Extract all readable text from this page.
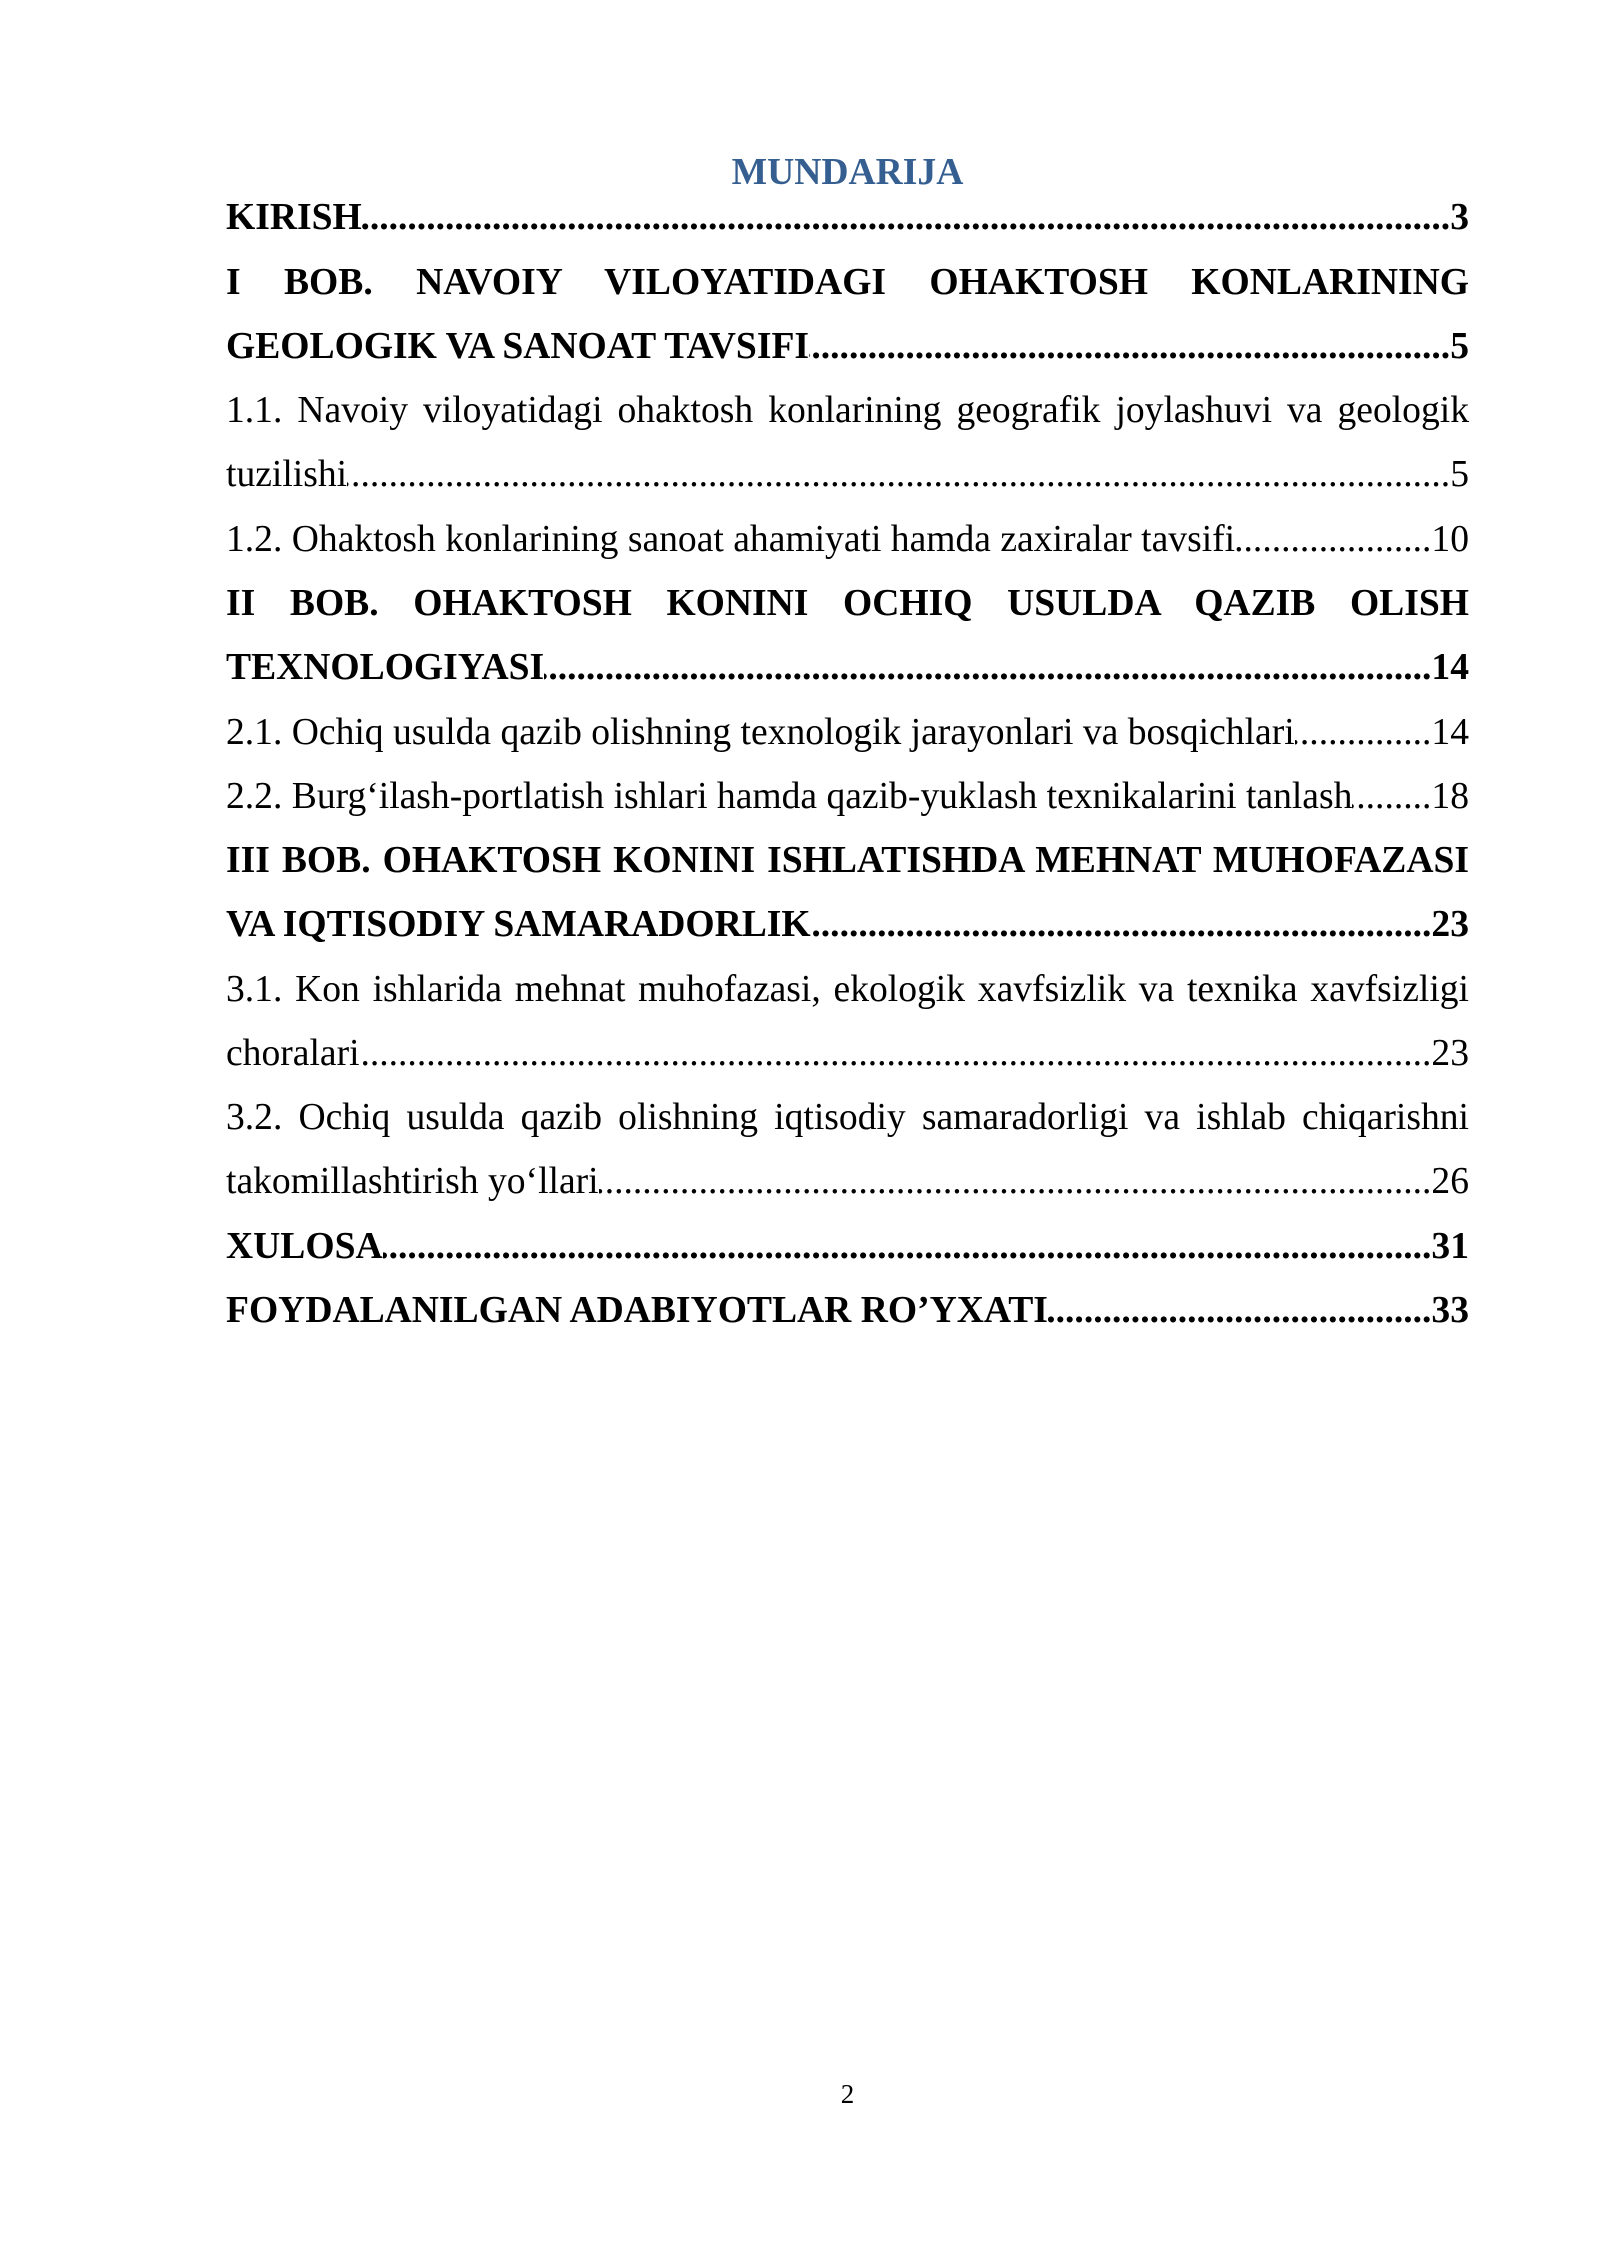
MUNDARIJA
KIRISH .....	3
I BOB. NAVOIY VILOYATIDAGI OHAKTOSH KONLARINING
GEOLOGIK VA SANOAT TAVSIFI .....	5
1.1. Navoiy viloyatidagi ohaktosh konlarining geografik joylashuvi va geologik
tuzilishi .....	5
1.2. Ohaktosh konlarining sanoat ahamiyati hamda zaxiralar tavsifi .....	10
II BOB. OHAKTOSH KONINI OCHIQ USULDA QAZIB OLISH
TEXNOLOGIYASI .....	14
2.1. Ochiq usulda qazib olishning texnologik jarayonlari va bosqichlari .....	14
2.2. Burg‘ilash-portlatish ishlari hamda qazib-yuklash texnikalarini tanlash ..... 18
III BOB. OHAKTOSH KONINI ISHLATISHDA MEHNAT MUHOFAZASI
VA IQTISODIY SAMARADORLIK .....	23
3.1. Kon ishlarida mehnat muhofazasi, ekologik xavfsizlik va texnika xavfsizligi
choralari .....	23
3.2. Ochiq usulda qazib olishning iqtisodiy samaradorligi va ishlab chiqarishni
takomillashtirish yo‘llari .....	26
XULOSA .....	31
FOYDALANILGAN ADABIYOTLAR RO’YXATI .....	33
2
